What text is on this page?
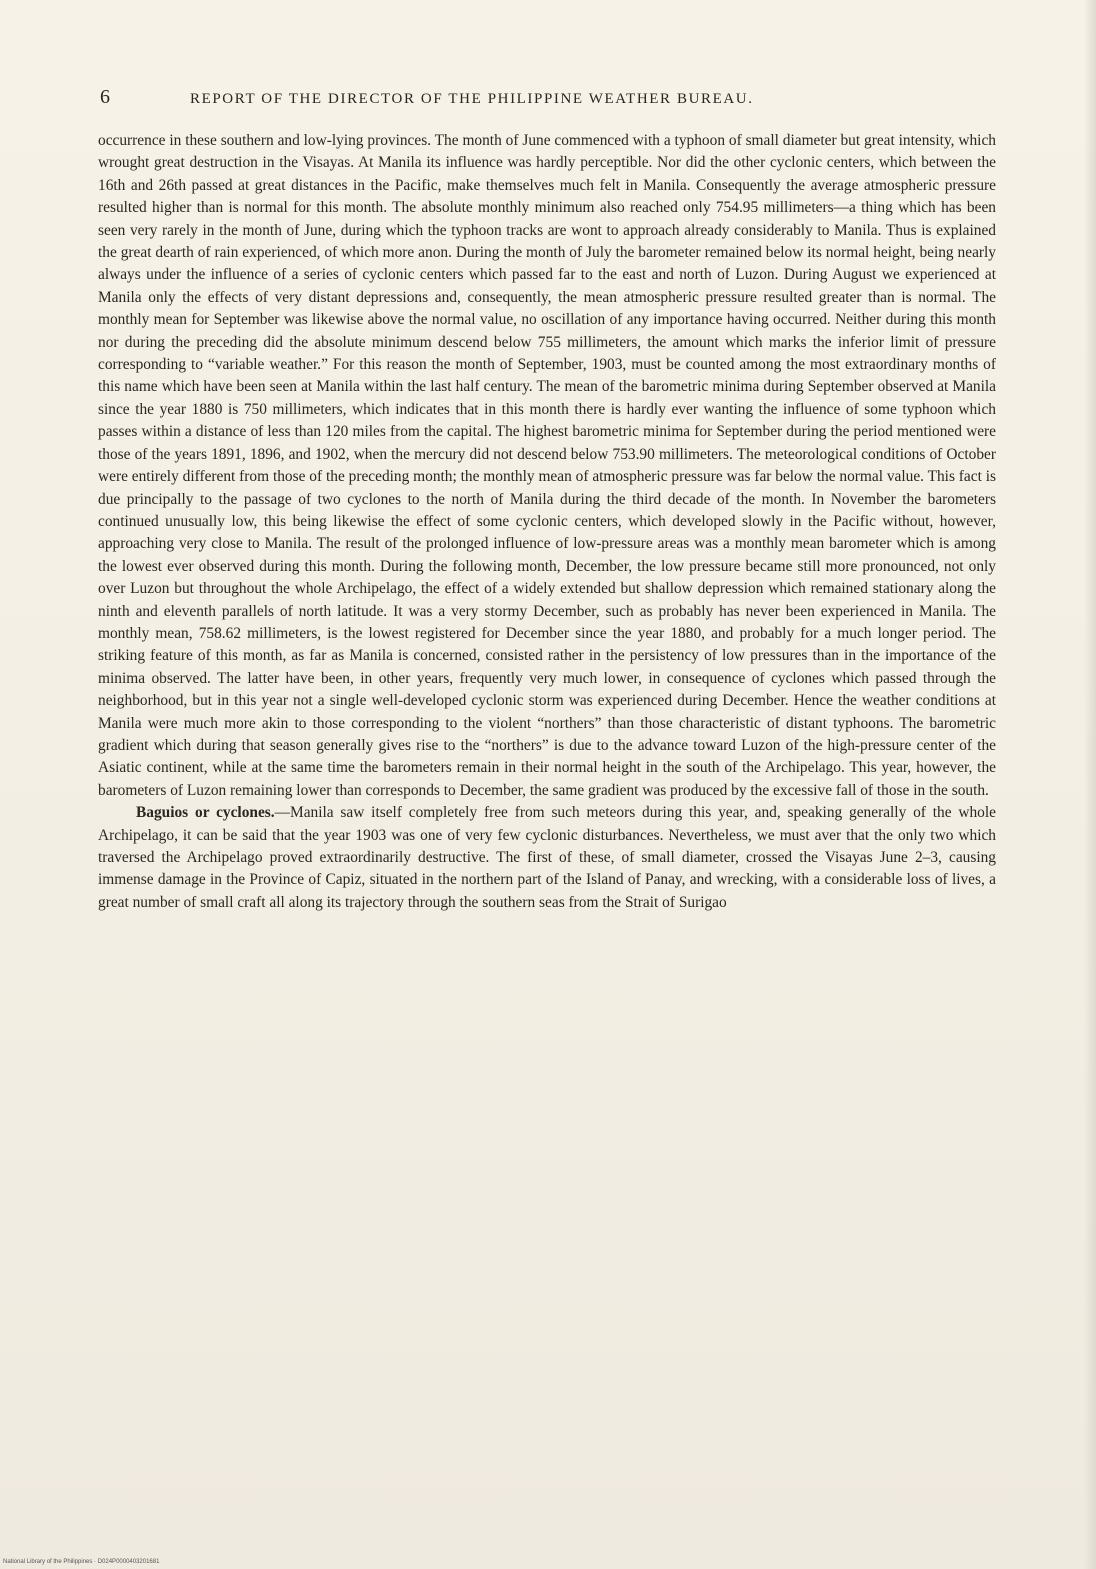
6	REPORT OF THE DIRECTOR OF THE PHILIPPINE WEATHER BUREAU.

occurrence in these southern and low-lying provinces. The month of June commenced with a typhoon of small diameter but great intensity, which wrought great destruction in the Visayas. At Manila its influence was hardly perceptible. Nor did the other cyclonic centers, which between the 16th and 26th passed at great distances in the Pacific, make themselves much felt in Manila. Consequently the average atmospheric pressure resulted higher than is normal for this month. The absolute monthly minimum also reached only 754.95 millimeters—a thing which has been seen very rarely in the month of June, during which the typhoon tracks are wont to approach already considerably to Manila. Thus is explained the great dearth of rain experienced, of which more anon. During the month of July the barometer remained below its normal height, being nearly always under the influence of a series of cyclonic centers which passed far to the east and north of Luzon. During August we experienced at Manila only the effects of very distant depressions and, consequently, the mean atmospheric pressure resulted greater than is normal. The monthly mean for September was likewise above the normal value, no oscillation of any importance having occurred. Neither during this month nor during the preceding did the absolute minimum descend below 755 millimeters, the amount which marks the inferior limit of pressure corresponding to “variable weather.” For this reason the month of September, 1903, must be counted among the most extraordinary months of this name which have been seen at Manila within the last half century. The mean of the barometric minima during September observed at Manila since the year 1880 is 750 millimeters, which indicates that in this month there is hardly ever wanting the influence of some typhoon which passes within a distance of less than 120 miles from the capital. The highest barometric minima for September during the period mentioned were those of the years 1891, 1896, and 1902, when the mercury did not descend below 753.90 millimeters. The meteorological conditions of October were entirely different from those of the preceding month; the monthly mean of atmospheric pressure was far below the normal value. This fact is due principally to the passage of two cyclones to the north of Manila during the third decade of the month. In November the barometers continued unusually low, this being likewise the effect of some cyclonic centers, which developed slowly in the Pacific without, however, approaching very close to Manila. The result of the prolonged influence of low-pressure areas was a monthly mean barometer which is among the lowest ever observed during this month. During the following month, December, the low pressure became still more pronounced, not only over Luzon but throughout the whole Archipelago, the effect of a widely extended but shallow depression which remained stationary along the ninth and eleventh parallels of north latitude. It was a very stormy December, such as probably has never been experienced in Manila. The monthly mean, 758.62 millimeters, is the lowest registered for December since the year 1880, and probably for a much longer period. The striking feature of this month, as far as Manila is concerned, consisted rather in the persistency of low pressures than in the importance of the minima observed. The latter have been, in other years, frequently very much lower, in consequence of cyclones which passed through the neighborhood, but in this year not a single well-developed cyclonic storm was experienced during December. Hence the weather conditions at Manila were much more akin to those corresponding to the violent “northers” than those characteristic of distant typhoons. The barometric gradient which during that season generally gives rise to the “northers” is due to the advance toward Luzon of the high-pressure center of the Asiatic continent, while at the same time the barometers remain in their normal height in the south of the Archipelago. This year, however, the barometers of Luzon remaining lower than corresponds to December, the same gradient was produced by the excessive fall of those in the south.

Baguios or cyclones.—Manila saw itself completely free from such meteors during this year, and, speaking generally of the whole Archipelago, it can be said that the year 1903 was one of very few cyclonic disturbances. Nevertheless, we must aver that the only two which traversed the Archipelago proved extraordinarily destructive. The first of these, of small diameter, crossed the Visayas June 2–3, causing immense damage in the Province of Capiz, situated in the northern part of the Island of Panay, and wrecking, with a considerable loss of lives, a great number of small craft all along its trajectory through the southern seas from the Strait of Surigao

National Library of the Philippines · D024P0000403201681
